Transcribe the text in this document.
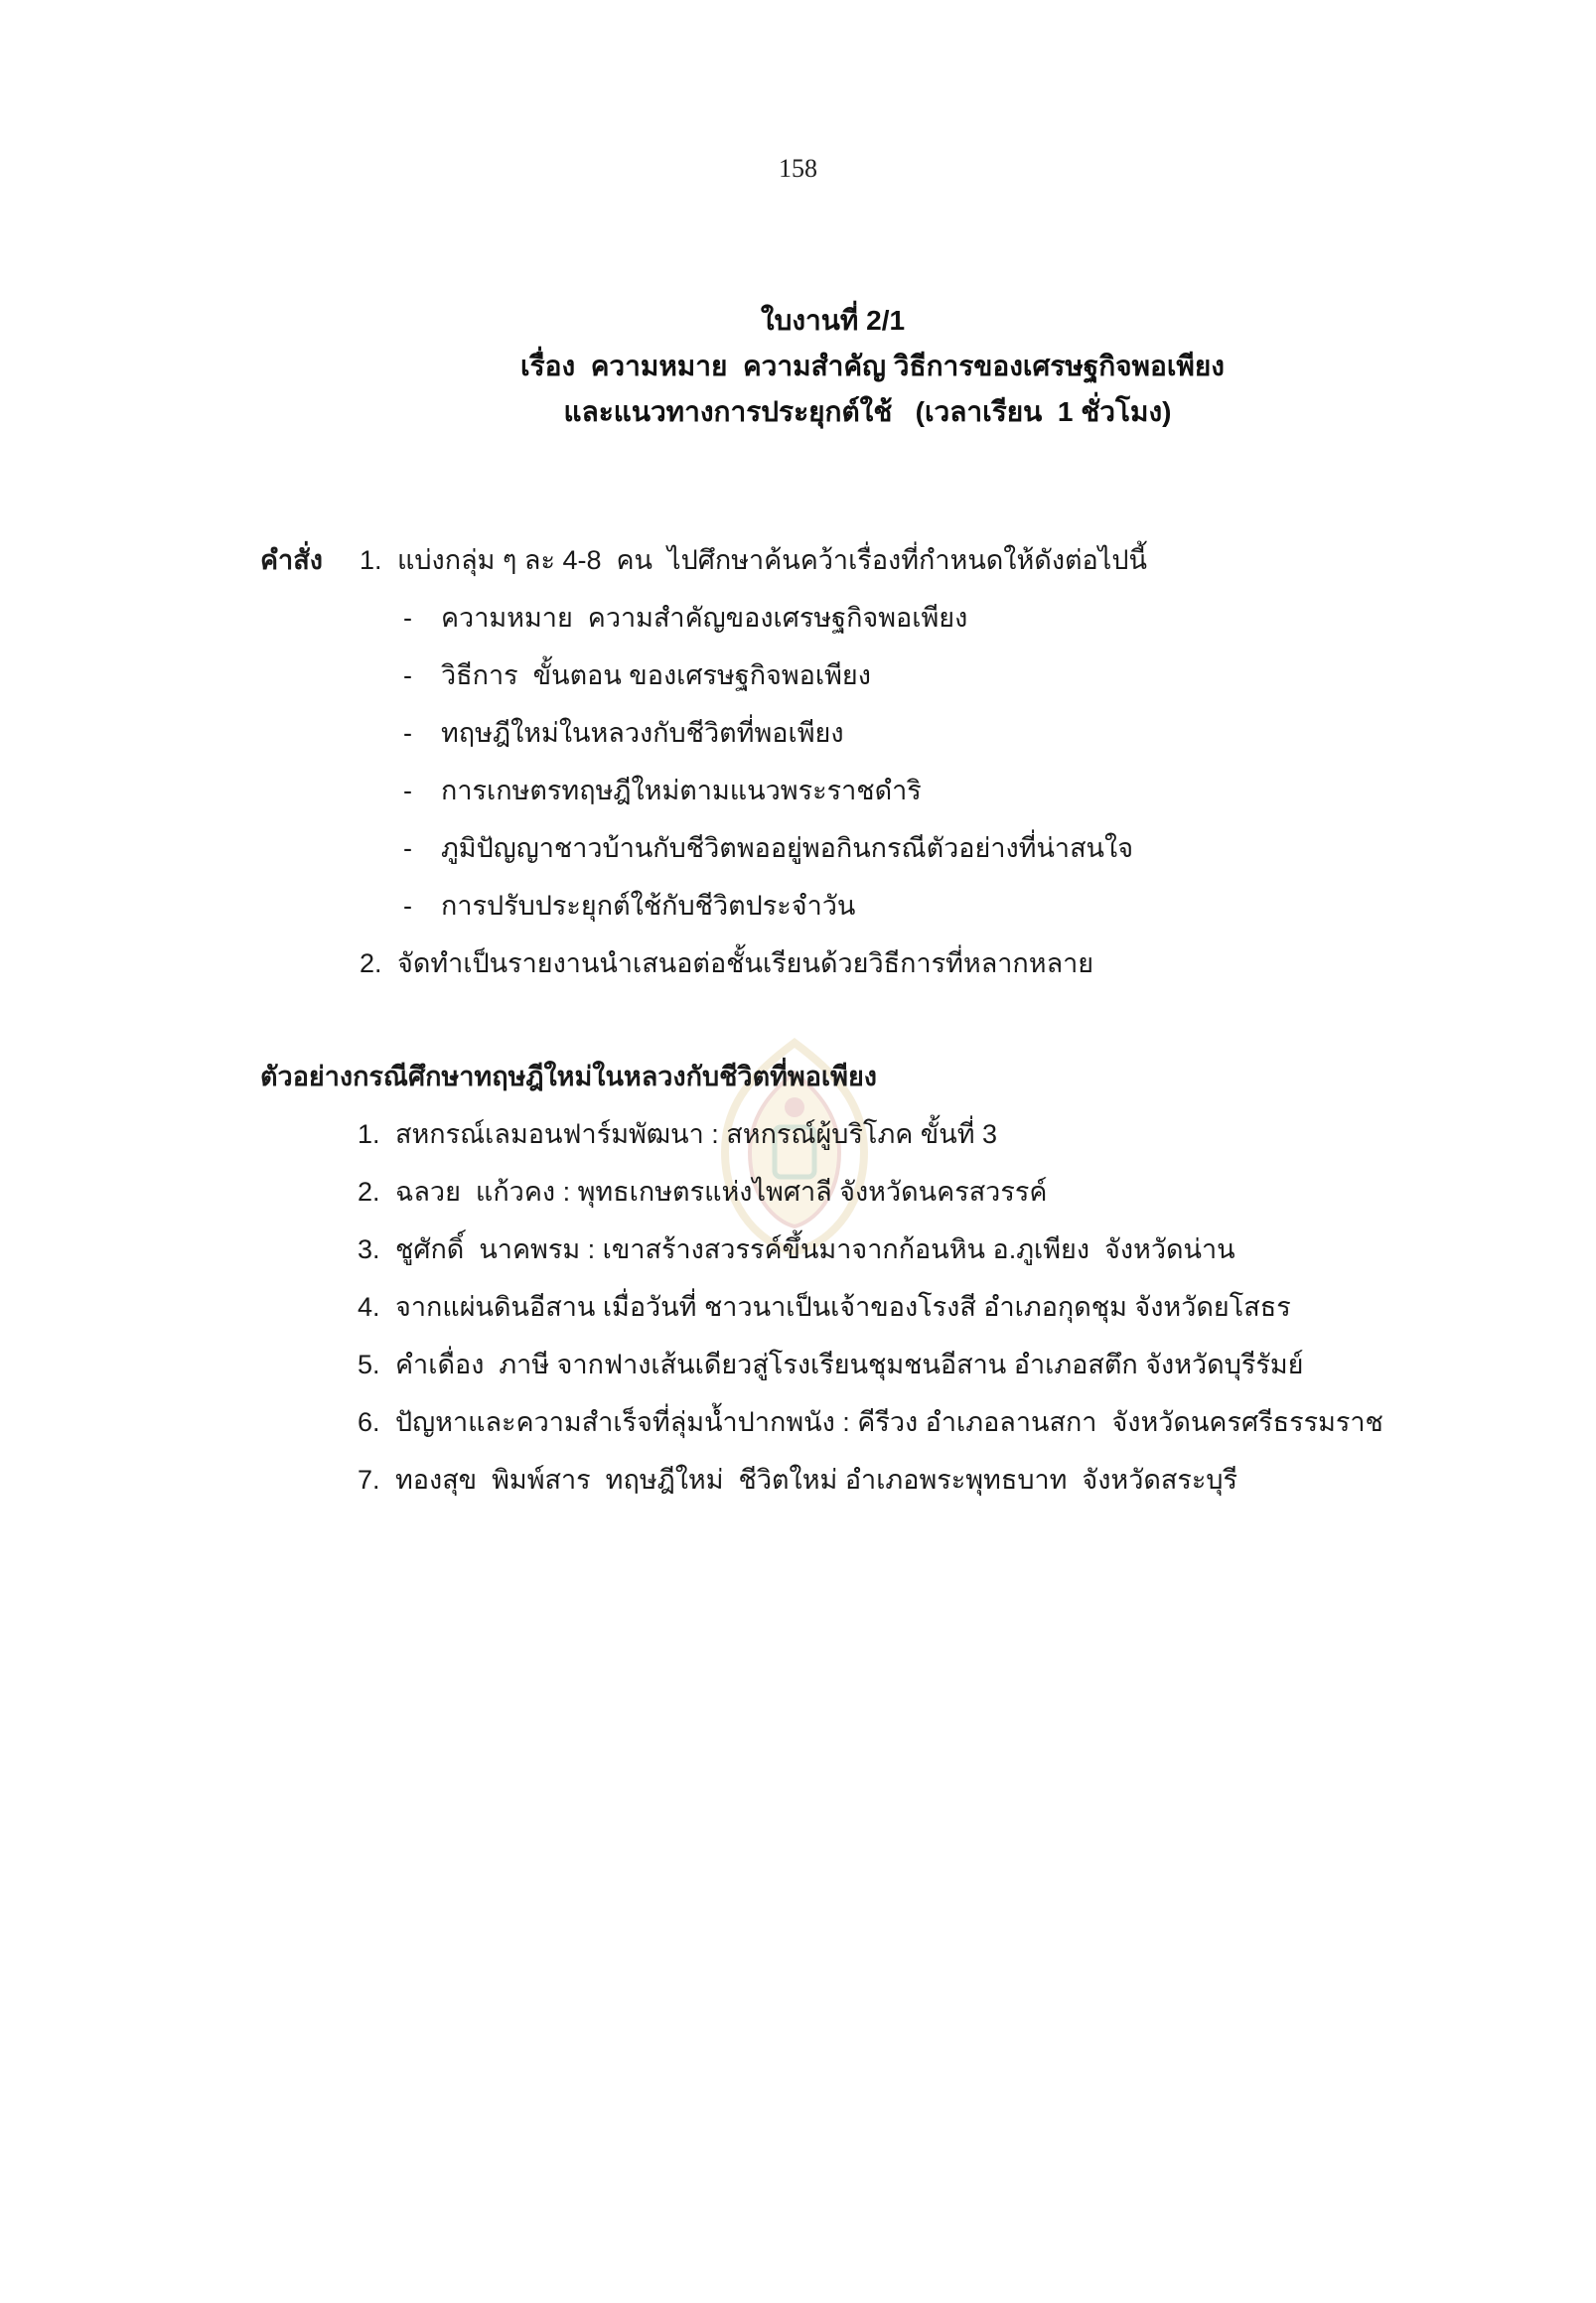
158
ใบงานที่ 2/1
เรื่อง  ความหมาย  ความสำคัญ วิธีการของเศรษฐกิจพอเพียง
และแนวทางการประยุกต์ใช้   (เวลาเรียน  1 ชั่วโมง)
คำสั่ง	1. แบ่งกลุ่ม ๆ ละ 4-8  คน  ไปศึกษาค้นคว้าเรื่องที่กำหนดให้ดังต่อไปนี้
-	ความหมาย  ความสำคัญของเศรษฐกิจพอเพียง
-	วิธีการ  ขั้นตอน ของเศรษฐกิจพอเพียง
-	ทฤษฎีใหม่ในหลวงกับชีวิตที่พอเพียง
-	การเกษตรทฤษฎีใหม่ตามแนวพระราชดำริ
-	ภูมิปัญญาชาวบ้านกับชีวิตพออยู่พอกินกรณีตัวอย่างที่น่าสนใจ
-	การปรับประยุกต์ใช้กับชีวิตประจำวัน
2. จัดทำเป็นรายงานนำเสนอต่อชั้นเรียนด้วยวิธีการที่หลากหลาย
ตัวอย่างกรณีศึกษาทฤษฎีใหม่ในหลวงกับชีวิตที่พอเพียง
1. สหกรณ์เลมอนฟาร์มพัฒนา : สหกรณ์ผู้บริโภค ขั้นที่ 3
2. ฉลวย  แก้วคง : พุทธเกษตรแห่งไพศาลี จังหวัดนครสวรรค์
3. ชูศักดิ์  นาคพรม : เขาสร้างสวรรค์ขึ้นมาจากก้อนหิน อ.ภูเพียง  จังหวัดน่าน
4. จากแผ่นดินอีสาน เมื่อวันที่ ชาวนาเป็นเจ้าของโรงสี อำเภอกุดชุม จังหวัดยโสธร
5. คำเดื่อง  ภาษี จากฟางเส้นเดียวสู่โรงเรียนชุมชนอีสาน อำเภอสตึก จังหวัดบุรีรัมย์
6. ปัญหาและความสำเร็จที่ลุ่มน้ำปากพนัง : คีรีวง อำเภอลานสกา  จังหวัดนครศรีธรรมราช
7. ทองสุข  พิมพ์สาร  ทฤษฎีใหม่  ชีวิตใหม่ อำเภอพระพุทธบาท  จังหวัดสระบุรี
